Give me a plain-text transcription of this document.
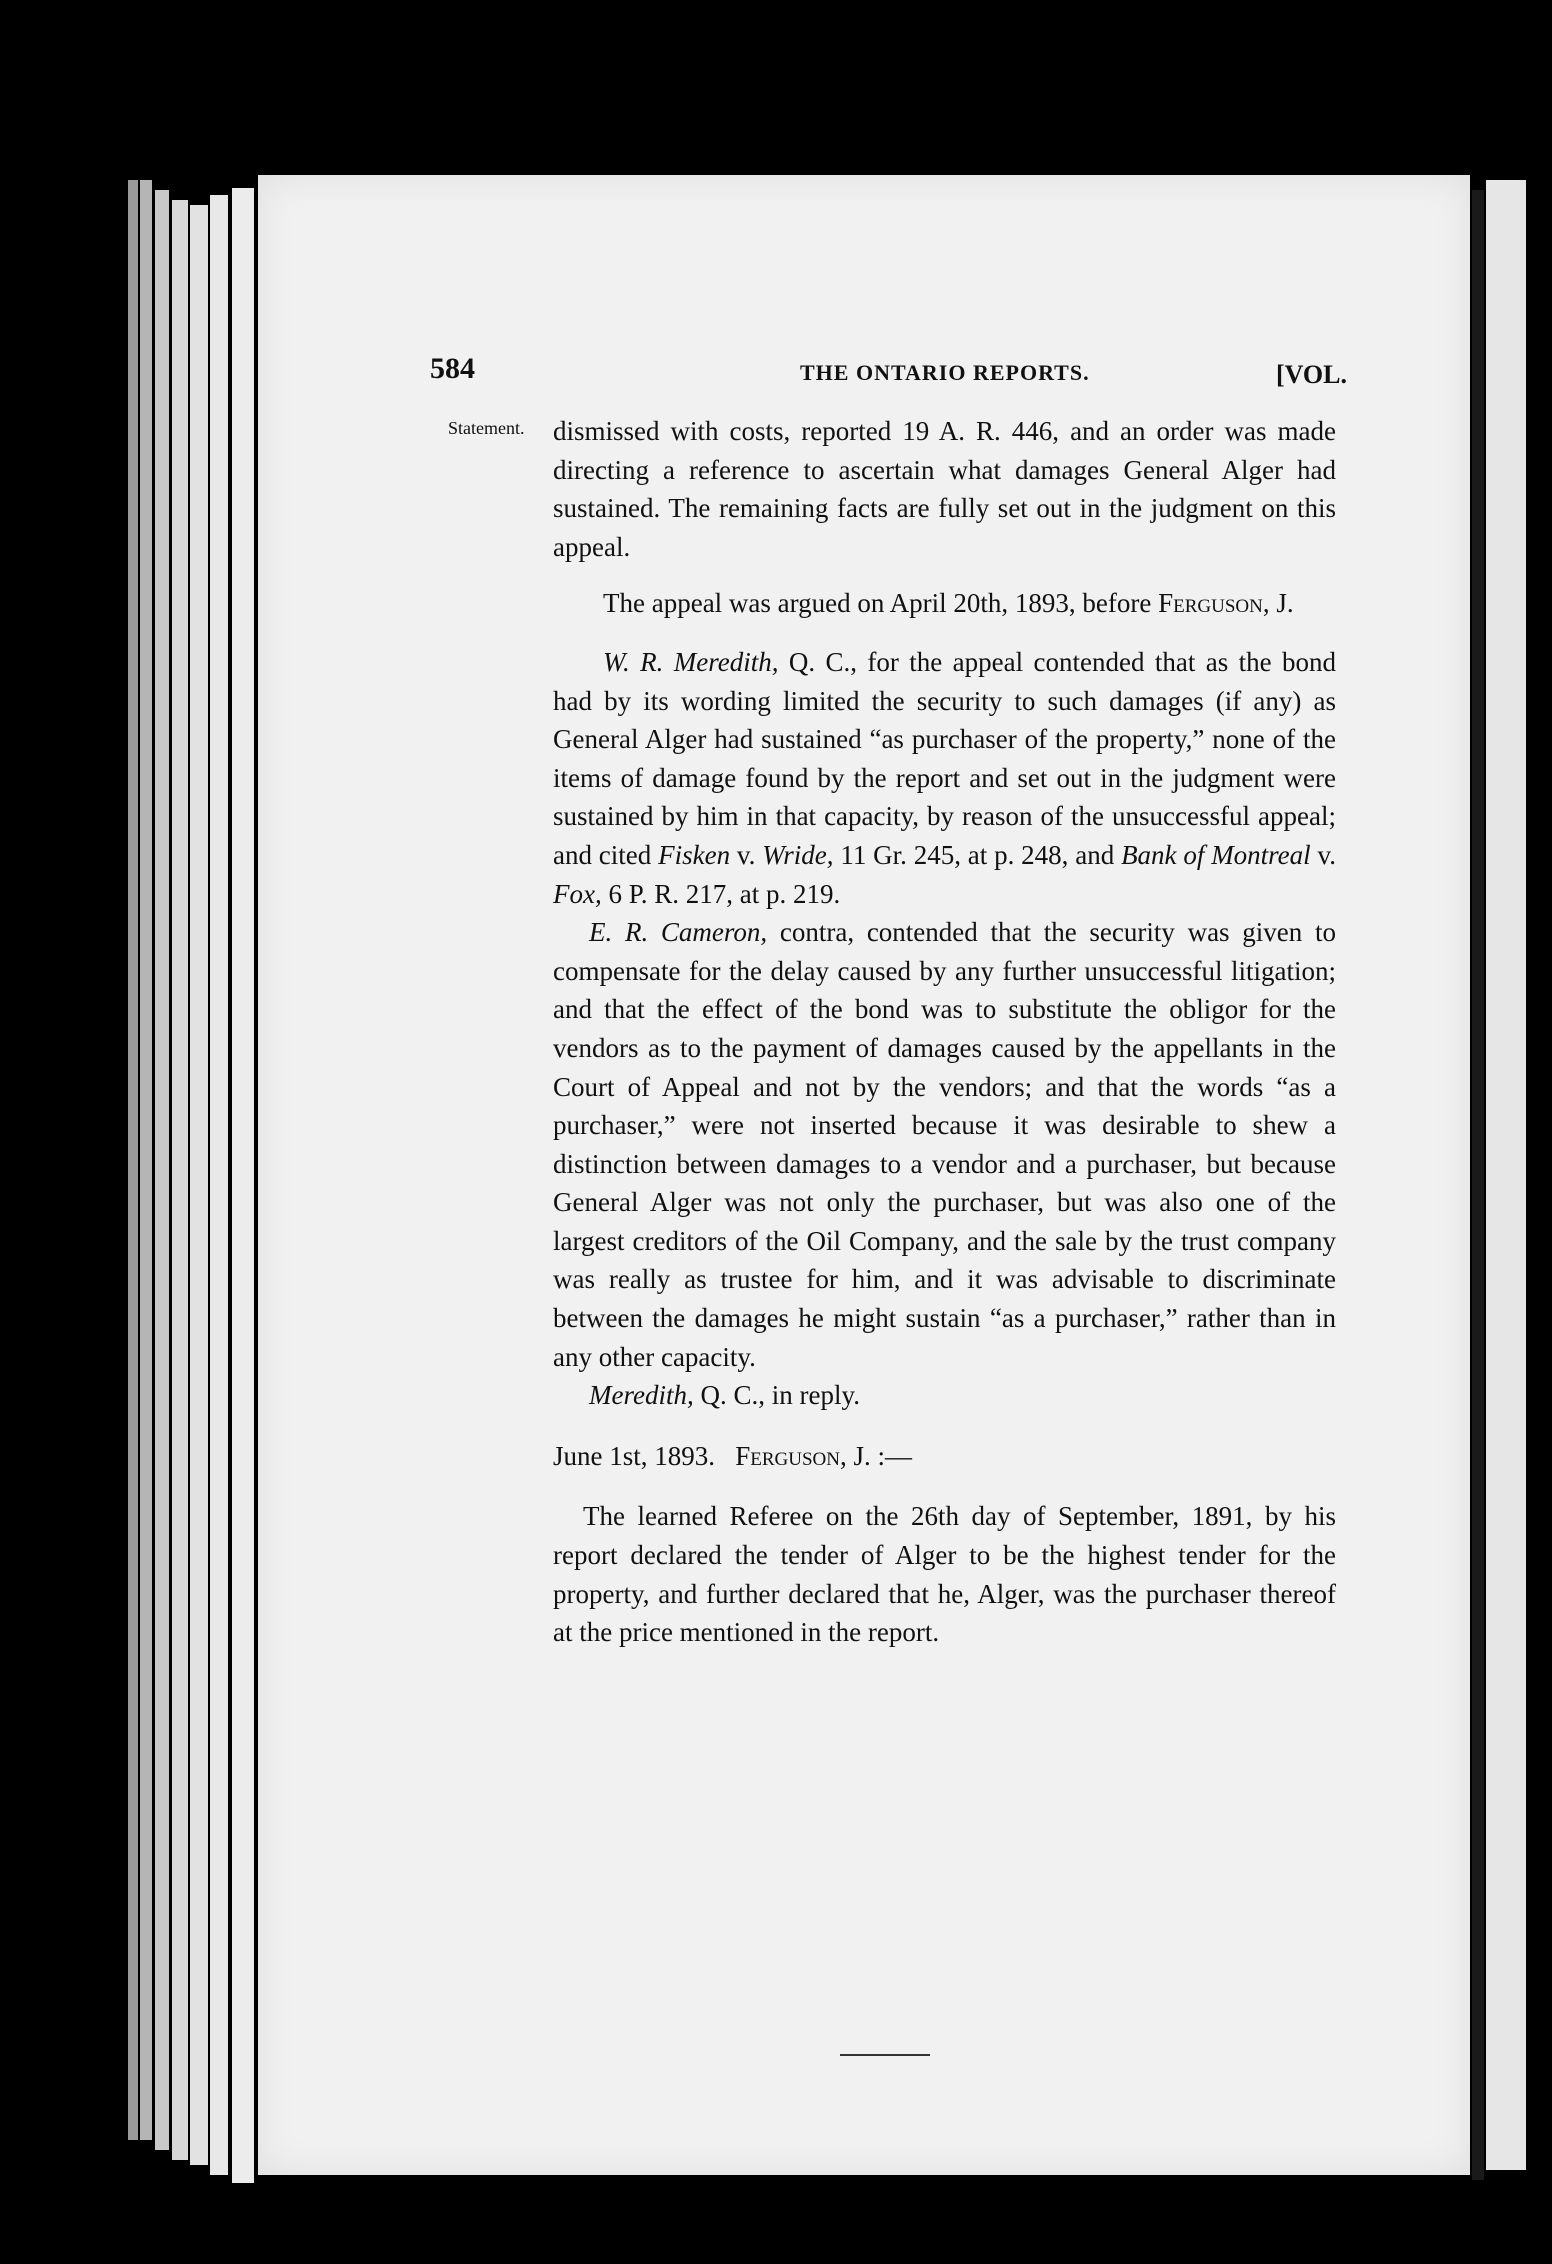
584	THE ONTARIO REPORTS.	[VOL.
Statement. dismissed with costs, reported 19 A. R. 446, and an order was made directing a reference to ascertain what damages General Alger had sustained. The remaining facts are fully set out in the judgment on this appeal.

The appeal was argued on April 20th, 1893, before Ferguson, J.

W. R. Meredith, Q. C., for the appeal contended that as the bond had by its wording limited the security to such damages (if any) as General Alger had sustained “as purchaser of the property,” none of the items of damage found by the report and set out in the judgment were sustained by him in that capacity, by reason of the unsuccessful appeal; and cited Fisken v. Wride, 11 Gr. 245, at p. 248, and Bank of Montreal v. Fox, 6 P. R. 217, at p. 219.

E. R. Cameron, contra, contended that the security was given to compensate for the delay caused by any further unsuccessful litigation; and that the effect of the bond was to substitute the obligor for the vendors as to the payment of damages caused by the appellants in the Court of Appeal and not by the vendors; and that the words “as a purchaser,” were not inserted because it was desirable to shew a distinction between damages to a vendor and a purchaser, but because General Alger was not only the purchaser, but was also one of the largest creditors of the Oil Company, and the sale by the trust company was really as trustee for him, and it was advisable to discriminate between the damages he might sustain “as a purchaser,” rather than in any other capacity.

Meredith, Q. C., in reply.

June 1st, 1893. Ferguson, J. :—

The learned Referee on the 26th day of September, 1891, by his report declared the tender of Alger to be the highest tender for the property, and further declared that he, Alger, was the purchaser thereof at the price mentioned in the report.
